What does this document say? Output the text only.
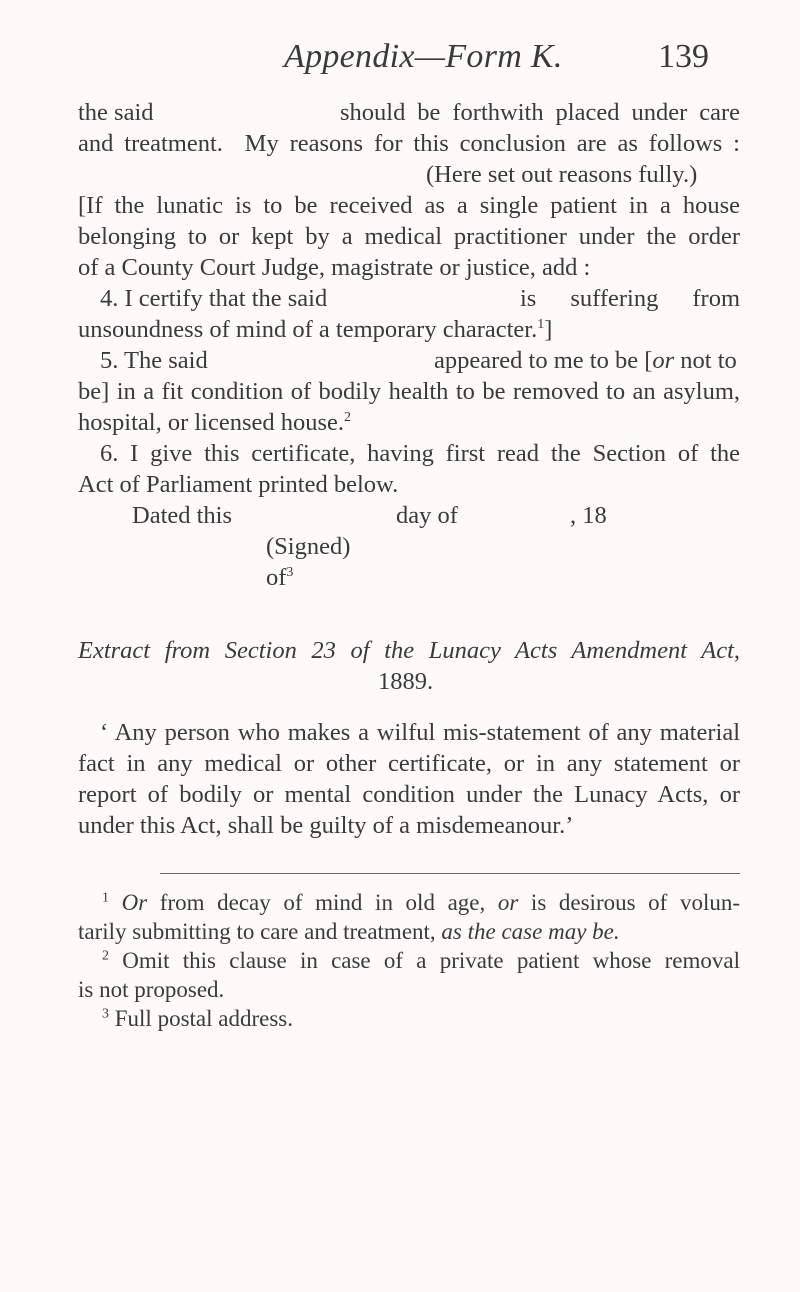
Appendix—Form K.	139
the said	should be forthwith placed under care
and treatment.  My reasons for this conclusion are as follows :
(Here set out reasons fully.)
[If the lunatic is to be received as a single patient in a house
belonging to or kept by a medical practitioner under the order
of a County Court Judge, magistrate or justice, add :
4. I certify that the said	is suffering from
unsoundness of mind of a temporary character.$^1$]
5. The said	appeared to me to be [or not to
be] in a fit condition of bodily health to be removed to an asylum,
hospital, or licensed house.$^2$
6. I give this certificate, having first read the Section of the
Act of Parliament printed below.
Dated this	day of	, 18
(Signed)
$of^3$
Extract from Section 23 of the Lunacy Acts Amendment Act,
1889.
‘ Any person who makes a wilful mis-statement of any material
fact in any medical or other certificate, or in any statement or
report of bodily or mental condition under the Lunacy Acts, or
under this Act, shall be guilty of a misdemeanour.’
$^1$ Or from decay of mind in old age, or is desirous of volun-
tarily submitting to care and treatment, as the case may be.
$^2$ Omit this clause in case of a private patient whose removal
is not proposed.
$^3$ Full postal address.
